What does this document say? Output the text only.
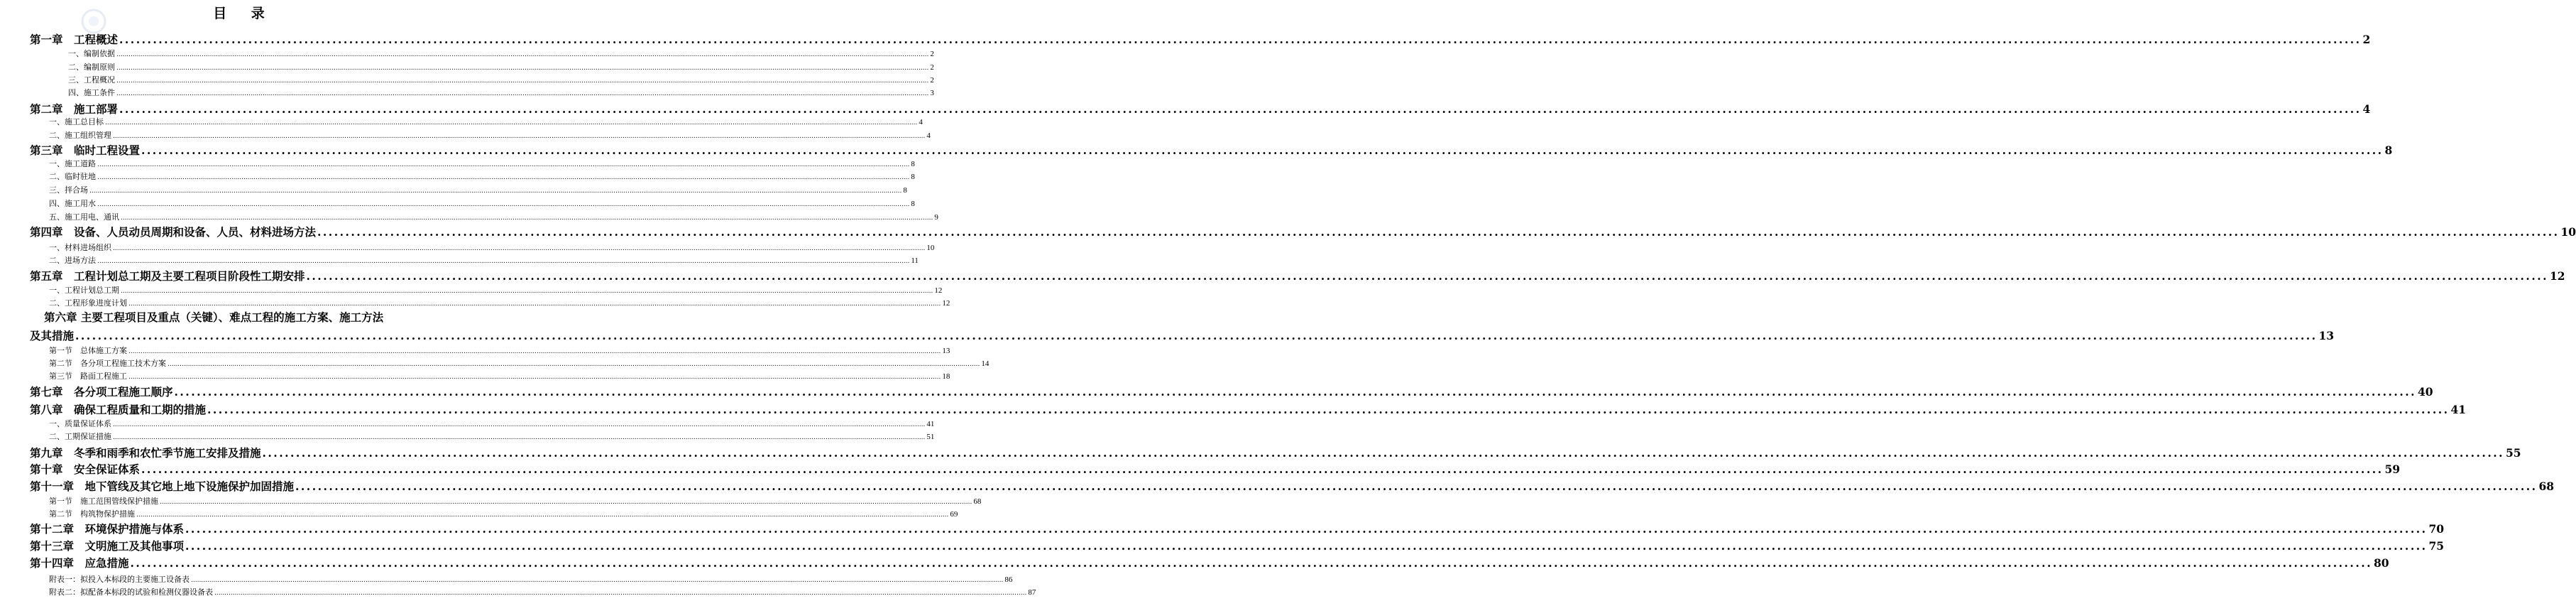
目 录
第一章　工程概述 ................................................................................................................................................................................................................................................................................................................................................................................................................ 2
一、编制依据 ................................................................................................................................................................................................................................................................................................................................................................................................................ 2
二、编制原则 ................................................................................................................................................................................................................................................................................................................................................................................................................ 2
三、工程概况 ................................................................................................................................................................................................................................................................................................................................................................................................................ 2
四、施工条件 ................................................................................................................................................................................................................................................................................................................................................................................................................ 3
第二章　施工部署 ................................................................................................................................................................................................................................................................................................................................................................................................................ 4
一、施工总目标 ................................................................................................................................................................................................................................................................................................................................................................................................................ 4
二、施工组织管理 ................................................................................................................................................................................................................................................................................................................................................................................................................ 4
第三章　临时工程设置 ................................................................................................................................................................................................................................................................................................................................................................................................................ 8
一、施工道路 ................................................................................................................................................................................................................................................................................................................................................................................................................ 8
二、临时驻地 ................................................................................................................................................................................................................................................................................................................................................................................................................ 8
三、拌合场 ................................................................................................................................................................................................................................................................................................................................................................................................................ 8
四、施工用水 ................................................................................................................................................................................................................................................................................................................................................................................................................ 8
五、施工用电、通讯 ................................................................................................................................................................................................................................................................................................................................................................................................................ 9
第四章　设备、人员动员周期和设备、人员、材料进场方法 ................................................................................................................................................................................................................................................................................................................................................................................................................ 10
一、材料进场组织 ................................................................................................................................................................................................................................................................................................................................................................................................................ 10
二、进场方法 ................................................................................................................................................................................................................................................................................................................................................................................................................ 11
第五章　工程计划总工期及主要工程项目阶段性工期安排 ................................................................................................................................................................................................................................................................................................................................................................................................................ 12
一、工程计划总工期 ................................................................................................................................................................................................................................................................................................................................................................................................................ 12
二、工程形象进度计划 ................................................................................................................................................................................................................................................................................................................................................................................................................ 12
第六章 主要工程项目及重点（关键）、难点工程的施工方案、施工方法
及其措施 ................................................................................................................................................................................................................................................................................................................................................................................................................ 13
第一节　总体施工方案 ................................................................................................................................................................................................................................................................................................................................................................................................................ 13
第二节　各分项工程施工技术方案 ................................................................................................................................................................................................................................................................................................................................................................................................................ 14
第三节　路面工程施工 ................................................................................................................................................................................................................................................................................................................................................................................................................ 18
第七章　各分项工程施工顺序 ................................................................................................................................................................................................................................................................................................................................................................................................................ 40
第八章　确保工程质量和工期的措施 ................................................................................................................................................................................................................................................................................................................................................................................................................ 41
一、质量保证体系 ................................................................................................................................................................................................................................................................................................................................................................................................................ 41
二、工期保证措施 ................................................................................................................................................................................................................................................................................................................................................................................................................ 51
第九章　冬季和雨季和农忙季节施工安排及措施 ................................................................................................................................................................................................................................................................................................................................................................................................................ 55
第十章　安全保证体系 ................................................................................................................................................................................................................................................................................................................................................................................................................ 59
第十一章　地下管线及其它地上地下设施保护加固措施 ................................................................................................................................................................................................................................................................................................................................................................................................................ 68
第一节　施工范围管线保护措施 ................................................................................................................................................................................................................................................................................................................................................................................................................ 68
第二节　构筑物保护措施 ................................................................................................................................................................................................................................................................................................................................................................................................................ 69
第十二章　环境保护措施与体系 ................................................................................................................................................................................................................................................................................................................................................................................................................ 70
第十三章　文明施工及其他事项 ................................................................................................................................................................................................................................................................................................................................................................................................................ 75
第十四章　应急措施 ................................................................................................................................................................................................................................................................................................................................................................................................................ 80
附表一：拟投入本标段的主要施工设备表 ................................................................................................................................................................................................................................................................................................................................................................................................................ 86
附表二：拟配备本标段的试验和检测仪器设备表 ................................................................................................................................................................................................................................................................................................................................................................................................................ 87
